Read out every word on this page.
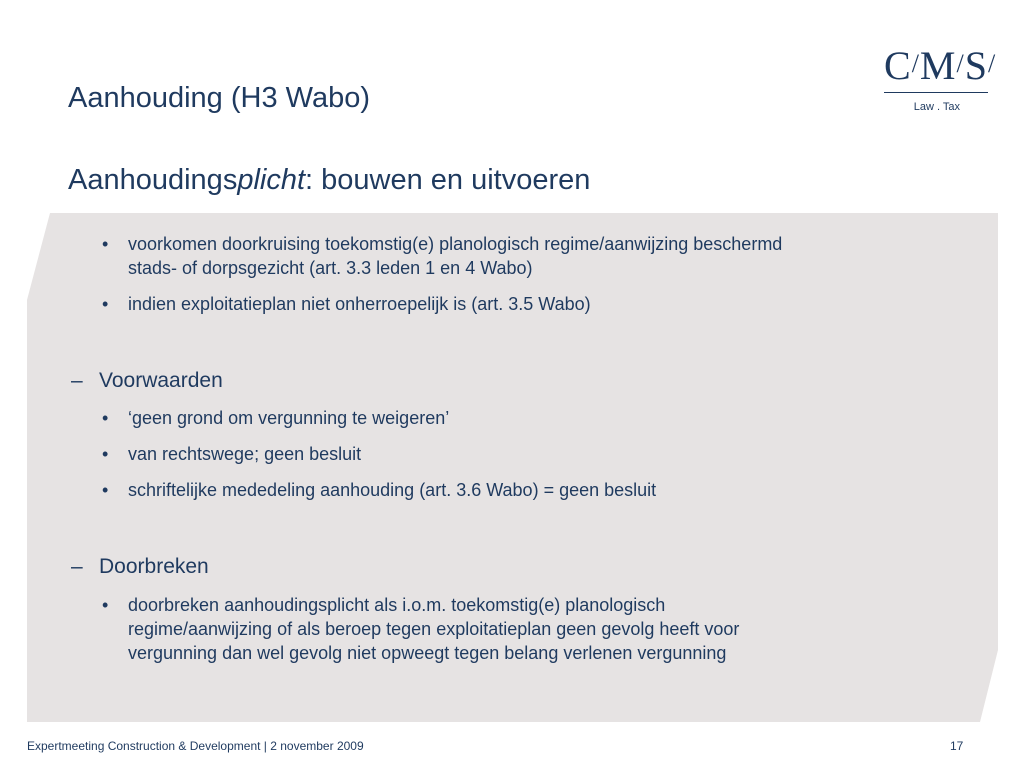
Aanhouding (H3 Wabo)
Aanhoudingsplicht: bouwen en uitvoeren
C/M/S/
Law . Tax
• voorkomen doorkruising toekomstig(e) planologisch regime/aanwijzing beschermd
stads- of dorpsgezicht (art. 3.3 leden 1 en 4 Wabo)
• indien exploitatieplan niet onherroepelijk is (art. 3.5 Wabo)
– Voorwaarden
• ‘geen grond om vergunning te weigeren’
• van rechtswege; geen besluit
• schriftelijke mededeling aanhouding (art. 3.6 Wabo) = geen besluit
– Doorbreken
• doorbreken aanhoudingsplicht als i.o.m. toekomstig(e) planologisch
regime/aanwijzing of als beroep tegen exploitatieplan geen gevolg heeft voor
vergunning dan wel gevolg niet opweegt tegen belang verlenen vergunning
Expertmeeting Construction & Development | 2 november 2009	17
